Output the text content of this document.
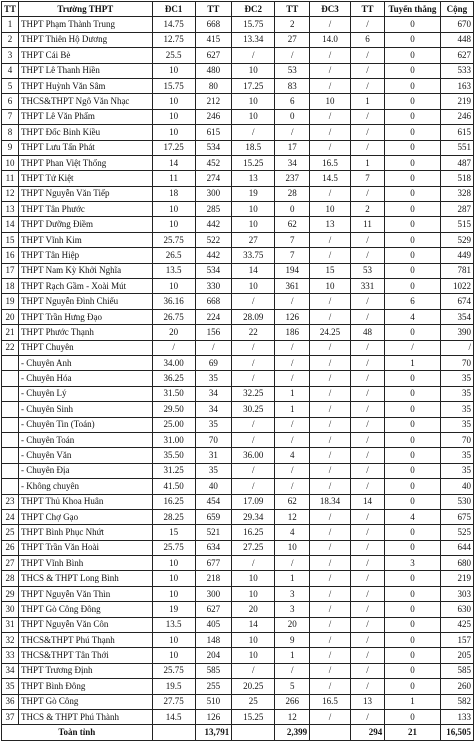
TT	Trường THPT	ĐC1	TT	ĐC2	TT	ĐC3	TT	Tuyển thẳng	Cộng
1	THPT Phạm Thành Trung	14.75	668	15.75	2	/	/	0	670
2	THPT Thiên Hộ Dương	12.75	415	13.34	27	14.0	6	0	448
3	THPT Cái Bè	25.5	627	/	/	/	/	0	627
4	THPT Lê Thanh Hiền	10	480	10	53	/	/	0	533
5	THPT Huỳnh Văn Sâm	15.75	80	17.25	83	/	/	0	163
6	THCS&THPT Ngô Văn Nhạc	10	212	10	6	10	1	0	219
7	THPT Lê Văn Phẩm	10	246	10	0	/	/	0	246
8	THPT Đốc Binh Kiều	10	615	/	/	/	/	0	615
9	THPT Lưu Tấn Phát	17.25	534	18.5	17	/	/	0	551
10	THPT Phan Việt Thống	14	452	15.25	34	16.5	1	0	487
11	THPT Tứ Kiệt	11	274	13	237	14.5	7	0	518
12	THPT Nguyễn Văn Tiếp	18	300	19	28	/	/	0	328
13	THPT Tân Phước	10	285	10	0	10	2	0	287
14	THPT Dưỡng Điềm	10	442	10	62	13	11	0	515
15	THPT Vĩnh Kim	25.75	522	27	7	/	/	0	529
16	THPT Tân Hiệp	26.5	442	33.75	7	/	/	0	449
17	THPT Nam Kỳ Khởi Nghĩa	13.5	534	14	194	15	53	0	781
18	THPT Rạch Gầm - Xoài Mút	10	330	10	361	10	331	0	1022
19	THPT Nguyễn Đình Chiểu	36.16	668	/	/	/	/	6	674
20	THPT Trần Hưng Đạo	26.75	224	28.09	126	/	/	4	354
21	THPT Phước Thạnh	20	156	22	186	24.25	48	0	390
22	THPT Chuyên	/	/	/	/	/	/	/	/
	- Chuyên Anh	34.00	69	/	/	/	/	1	70
	- Chuyên Hóa	36.25	35	/	/	/	/	0	35
	- Chuyên Lý	31.50	34	32.25	1	/	/	0	35
	- Chuyên Sinh	29.50	34	30.25	1	/	/	0	35
	- Chuyên Tin (Toán)	25.00	35	/	/	/	/	0	35
	- Chuyên Toán	31.00	70	/	/	/	/	0	70
	- Chuyên Văn	35.50	31	36.00	4	/	/	0	35
	- Chuyên Địa	31.25	35	/	/	/	/	0	35
	- Không chuyên	41.50	40	/	/	/	/	0	40
23	THPT Thủ Khoa Huân	16.25	454	17.09	62	18.34	14	0	530
24	THPT Chợ Gạo	28.25	659	29.34	12	/	/	4	675
25	THPT Bình Phục Nhứt	15	521	16.25	4	/	/	0	525
26	THPT Trần Văn Hoài	25.75	634	27.25	10	/	/	0	644
27	THPT Vĩnh Bình	10	677	/	/	/	/	3	680
28	THCS & THPT Long Bình	10	218	10	1	/	/	0	219
29	THPT Nguyễn Văn Thìn	10	300	10	3	/	/	0	303
30	THPT Gò Công Đông	19	627	20	3	/	/	0	630
31	THPT Nguyễn Văn Côn	13.5	405	14	20	/	/	0	425
32	THCS&THPT Phú Thạnh	10	148	10	9	/	/	0	157
33	THCS&THPT Tân Thới	10	204	10	1	/	/	0	205
34	THPT Trương Định	25.75	585	/	/	/	/	0	585
35	THPT Bình Đông	19.5	255	20.25	5	/	/	0	260
36	THPT Gò Công	27.75	510	25	266	16.5	13	1	582
37	THCS & THPT Phú Thành	14.5	126	15.25	12	/	/	0	133
Toàn tỉnh			13,791		2,399		294	21	16,505
